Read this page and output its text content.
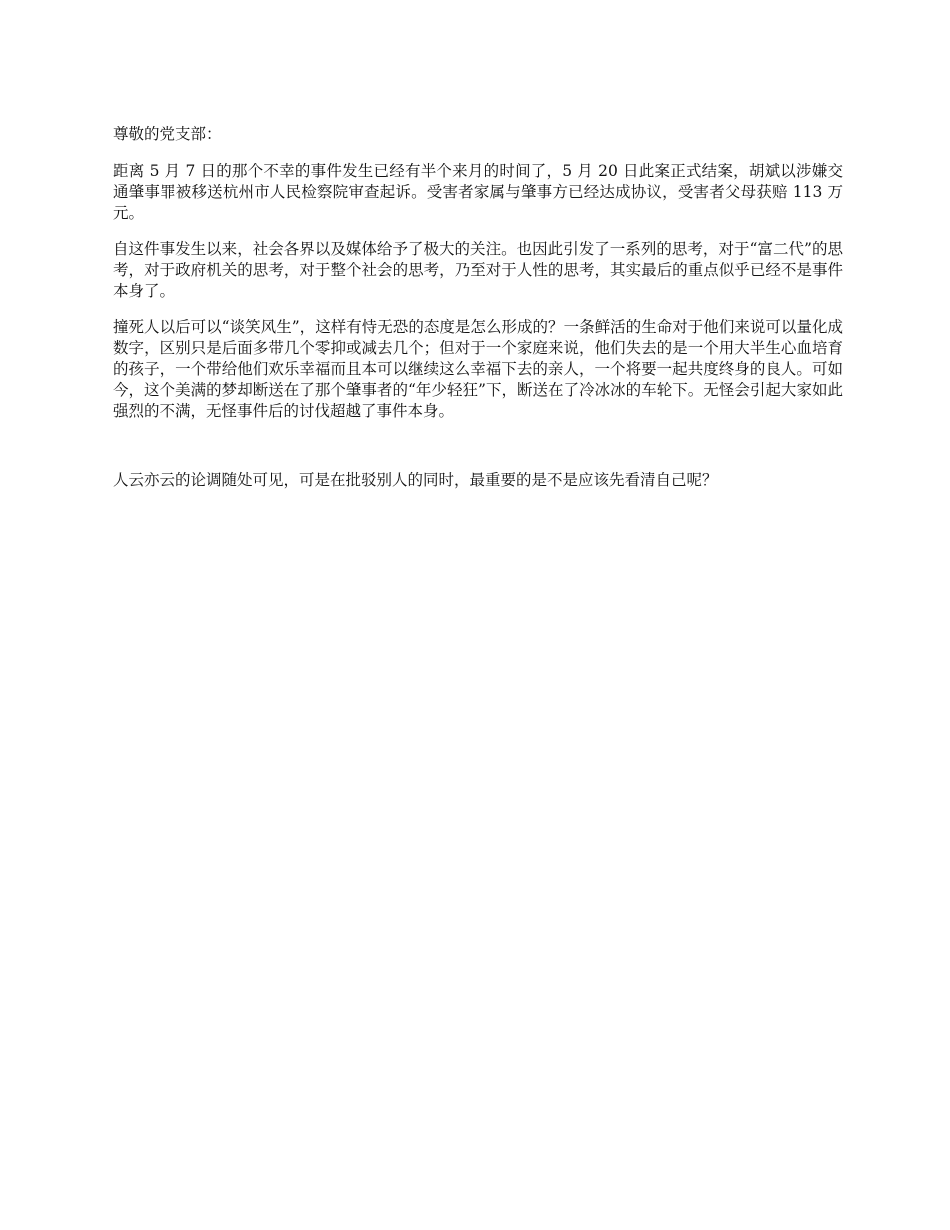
尊敬的党支部：

距离 5 月 7 日的那个不幸的事件发生已经有半个来月的时间了，5 月 20 日此案正式结案，胡斌以涉嫌交通肇事罪被移送杭州市人民检察院审查起诉。受害者家属与肇事方已经达成协议，受害者父母获赔 113 万元。

自这件事发生以来，社会各界以及媒体给予了极大的关注。也因此引发了一系列的思考，对于“富二代”的思考，对于政府机关的思考，对于整个社会的思考，乃至对于人性的思考，其实最后的重点似乎已经不是事件本身了。

撞死人以后可以“谈笑风生”，这样有恃无恐的态度是怎么形成的？一条鲜活的生命对于他们来说可以量化成数字，区别只是后面多带几个零抑或减去几个；但对于一个家庭来说，他们失去的是一个用大半生心血培育的孩子，一个带给他们欢乐幸福而且本可以继续这么幸福下去的亲人，一个将要一起共度终身的良人。可如今，这个美满的梦却断送在了那个肇事者的“年少轻狂”下，断送在了冷冰冰的车轮下。无怪会引起大家如此强烈的不满，无怪事件后的讨伐超越了事件本身。

人云亦云的论调随处可见，可是在批驳别人的同时，最重要的是不是应该先看清自己呢？
